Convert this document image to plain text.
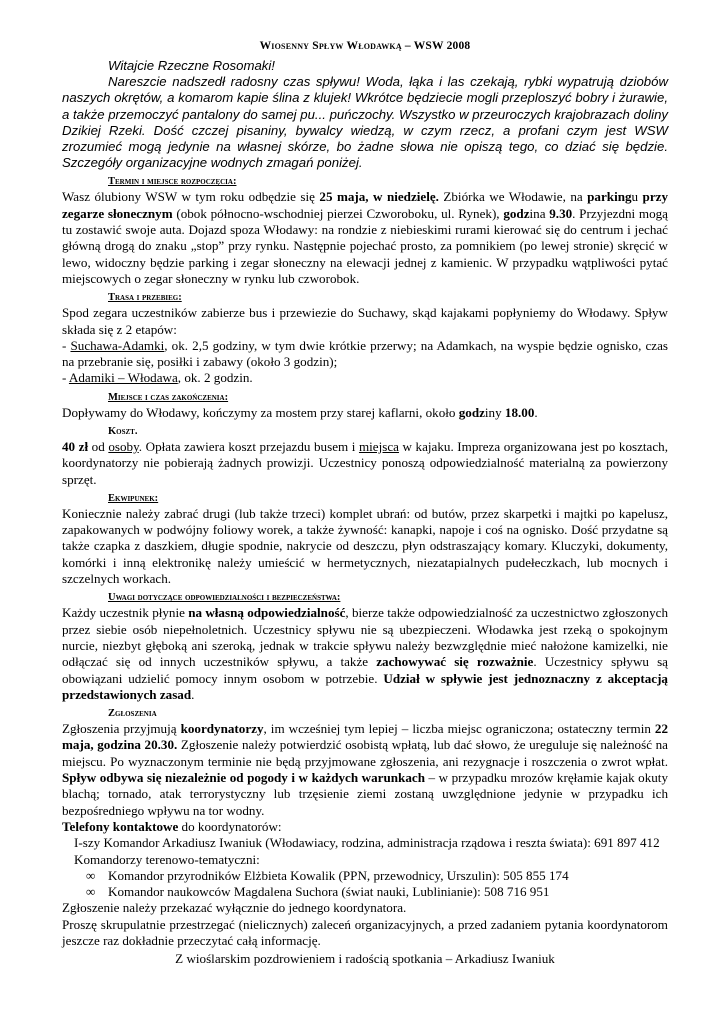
Wiosenny Spływ Włodawką – WSW 2008

Witajcie Rzeczne Rosomaki!

Nareszcie nadszedł radosny czas spływu! Woda, łąka i las czekają, rybki wypatrują dziobów naszych okrętów, a komarom kapie ślina z klujek! Wkrótce będziecie mogli przeploszyć bobry i żurawie, a także przemoczyć pantalony do samej pu... puńczochy. Wszystko w przeuroczych krajobrazach doliny Dzikiej Rzeki. Dość czczej pisaniny, bywalcy wiedzą, w czym rzecz, a profani czym jest WSW zrozumieć mogą jedynie na własnej skórze, bo żadne słowa nie opiszą tego, co dziać się będzie. Szczegóły organizacyjne wodnych zmagań poniżej.

Termin i miejsce rozpoczęcia:

Wasz ólubiony WSW w tym roku odbędzie się 25 maja, w niedzielę. Zbiórka we Włodawie, na parkingu przy zegarze słonecznym (obok północno-wschodniej pierzei Czworoboku, ul. Rynek), godzina 9.30. Przyjezdni mogą tu zostawić swoje auta. Dojazd spoza Włodawy: na rondzie z niebieskimi rurami kierować się do centrum i jechać główną drogą do znaku „stop” przy rynku. Następnie pojechać prosto, za pomnikiem (po lewej stronie) skręcić w lewo, widoczny będzie parking i zegar słoneczny na elewacji jednej z kamienic. W przypadku wątpliwości pytać miejscowych o zegar słoneczny w rynku lub czworobok.

Trasa i przebieg:

Spod zegara uczestników zabierze bus i przewiezie do Suchawy, skąd kajakami popłyniemy do Włodawy. Spływ składa się z 2 etapów:

- Suchawa-Adamki, ok. 2,5 godziny, w tym dwie krótkie przerwy; na Adamkach, na wyspie będzie ognisko, czas na przebranie się, posiłki i zabawy (około 3 godzin);

- Adamiki – Włodawa, ok. 2 godzin.

Miejsce i czas zakończenia:

Dopływamy do Włodawy, kończymy za mostem przy starej kaflarni, około godziny 18.00.

Koszt.

40 zł od osoby. Opłata zawiera koszt przejazdu busem i miejsca w kajaku. Impreza organizowana jest po kosztach, koordynatorzy nie pobierają żadnych prowizji. Uczestnicy ponoszą odpowiedzialność materialną za powierzony sprzęt.

Ekwipunek:

Koniecznie należy zabrać drugi (lub także trzeci) komplet ubrań: od butów, przez skarpetki i majtki po kapelusz, zapakowanych w podwójny foliowy worek, a także żywność: kanapki, napoje i coś na ognisko. Dość przydatne są także czapka z daszkiem, długie spodnie, nakrycie od deszczu, płyn odstraszający komary. Kluczyki, dokumenty, komórki i inną elektronikę należy umieścić w hermetycznych, niezatapialnych pudełeczkach, lub mocnych i szczelnych workach.

Uwagi dotyczące odpowiedzialności i bezpieczeństwa:

Każdy uczestnik płynie na własną odpowiedzialność, bierze także odpowiedzialność za uczestnictwo zgłoszonych przez siebie osób niepełnoletnich. Uczestnicy spływu nie są ubezpieczeni. Włodawka jest rzeką o spokojnym nurcie, niezbyt głęboką ani szeroką, jednak w trakcie spływu należy bezwzględnie mieć nałożone kamizelki, nie odłączać się od innych uczestników spływu, a także zachowywać się rozważnie. Uczestnicy spływu są obowiązani udzielić pomocy innym osobom w potrzebie. Udział w spływie jest jednoznaczny z akceptacją przedstawionych zasad.

Zgłoszenia

Zgłoszenia przyjmują koordynatorzy, im wcześniej tym lepiej – liczba miejsc ograniczona; ostateczny termin 22 maja, godzina 20.30. Zgłoszenie należy potwierdzić osobistą wpłatą, lub dać słowo, że ureguluje się należność na miejscu. Po wyznaczonym terminie nie będą przyjmowane zgłoszenia, ani rezygnacje i roszczenia o zwrot wpłat. Spływ odbywa się niezależnie od pogody i w każdych warunkach – w przypadku mrozów kręłamie kajak okuty blachą; tornado, atak terrorystyczny lub trzęsienie ziemi zostaną uwzględnione jedynie w przypadku ich bezpośredniego wpływu na tor wodny.

Telefony kontaktowe do koordynatorów:

I-szy Komandor Arkadiusz Iwaniuk (Włodawiacy, rodzina, administracja rządowa i reszta świata): 691 897 412

Komandorzy terenowo-tematyczni:

∞ Komandor przyrodników Elżbieta Kowalik (PPN, przewodnicy, Urszulin): 505 855 174

∞ Komandor naukowców Magdalena Suchora (świat nauki, Lublinianie): 508 716 951

Zgłoszenie należy przekazać wyłącznie do jednego koordynatora.

Proszę skrupulatnie przestrzegać (nielicznych) zaleceń organizacyjnych, a przed zadaniem pytania koordynatorom jeszcze raz dokładnie przeczytać całą informację.

Z wioślarskim pozdrowieniem i radością spotkania – Arkadiusz Iwaniuk
